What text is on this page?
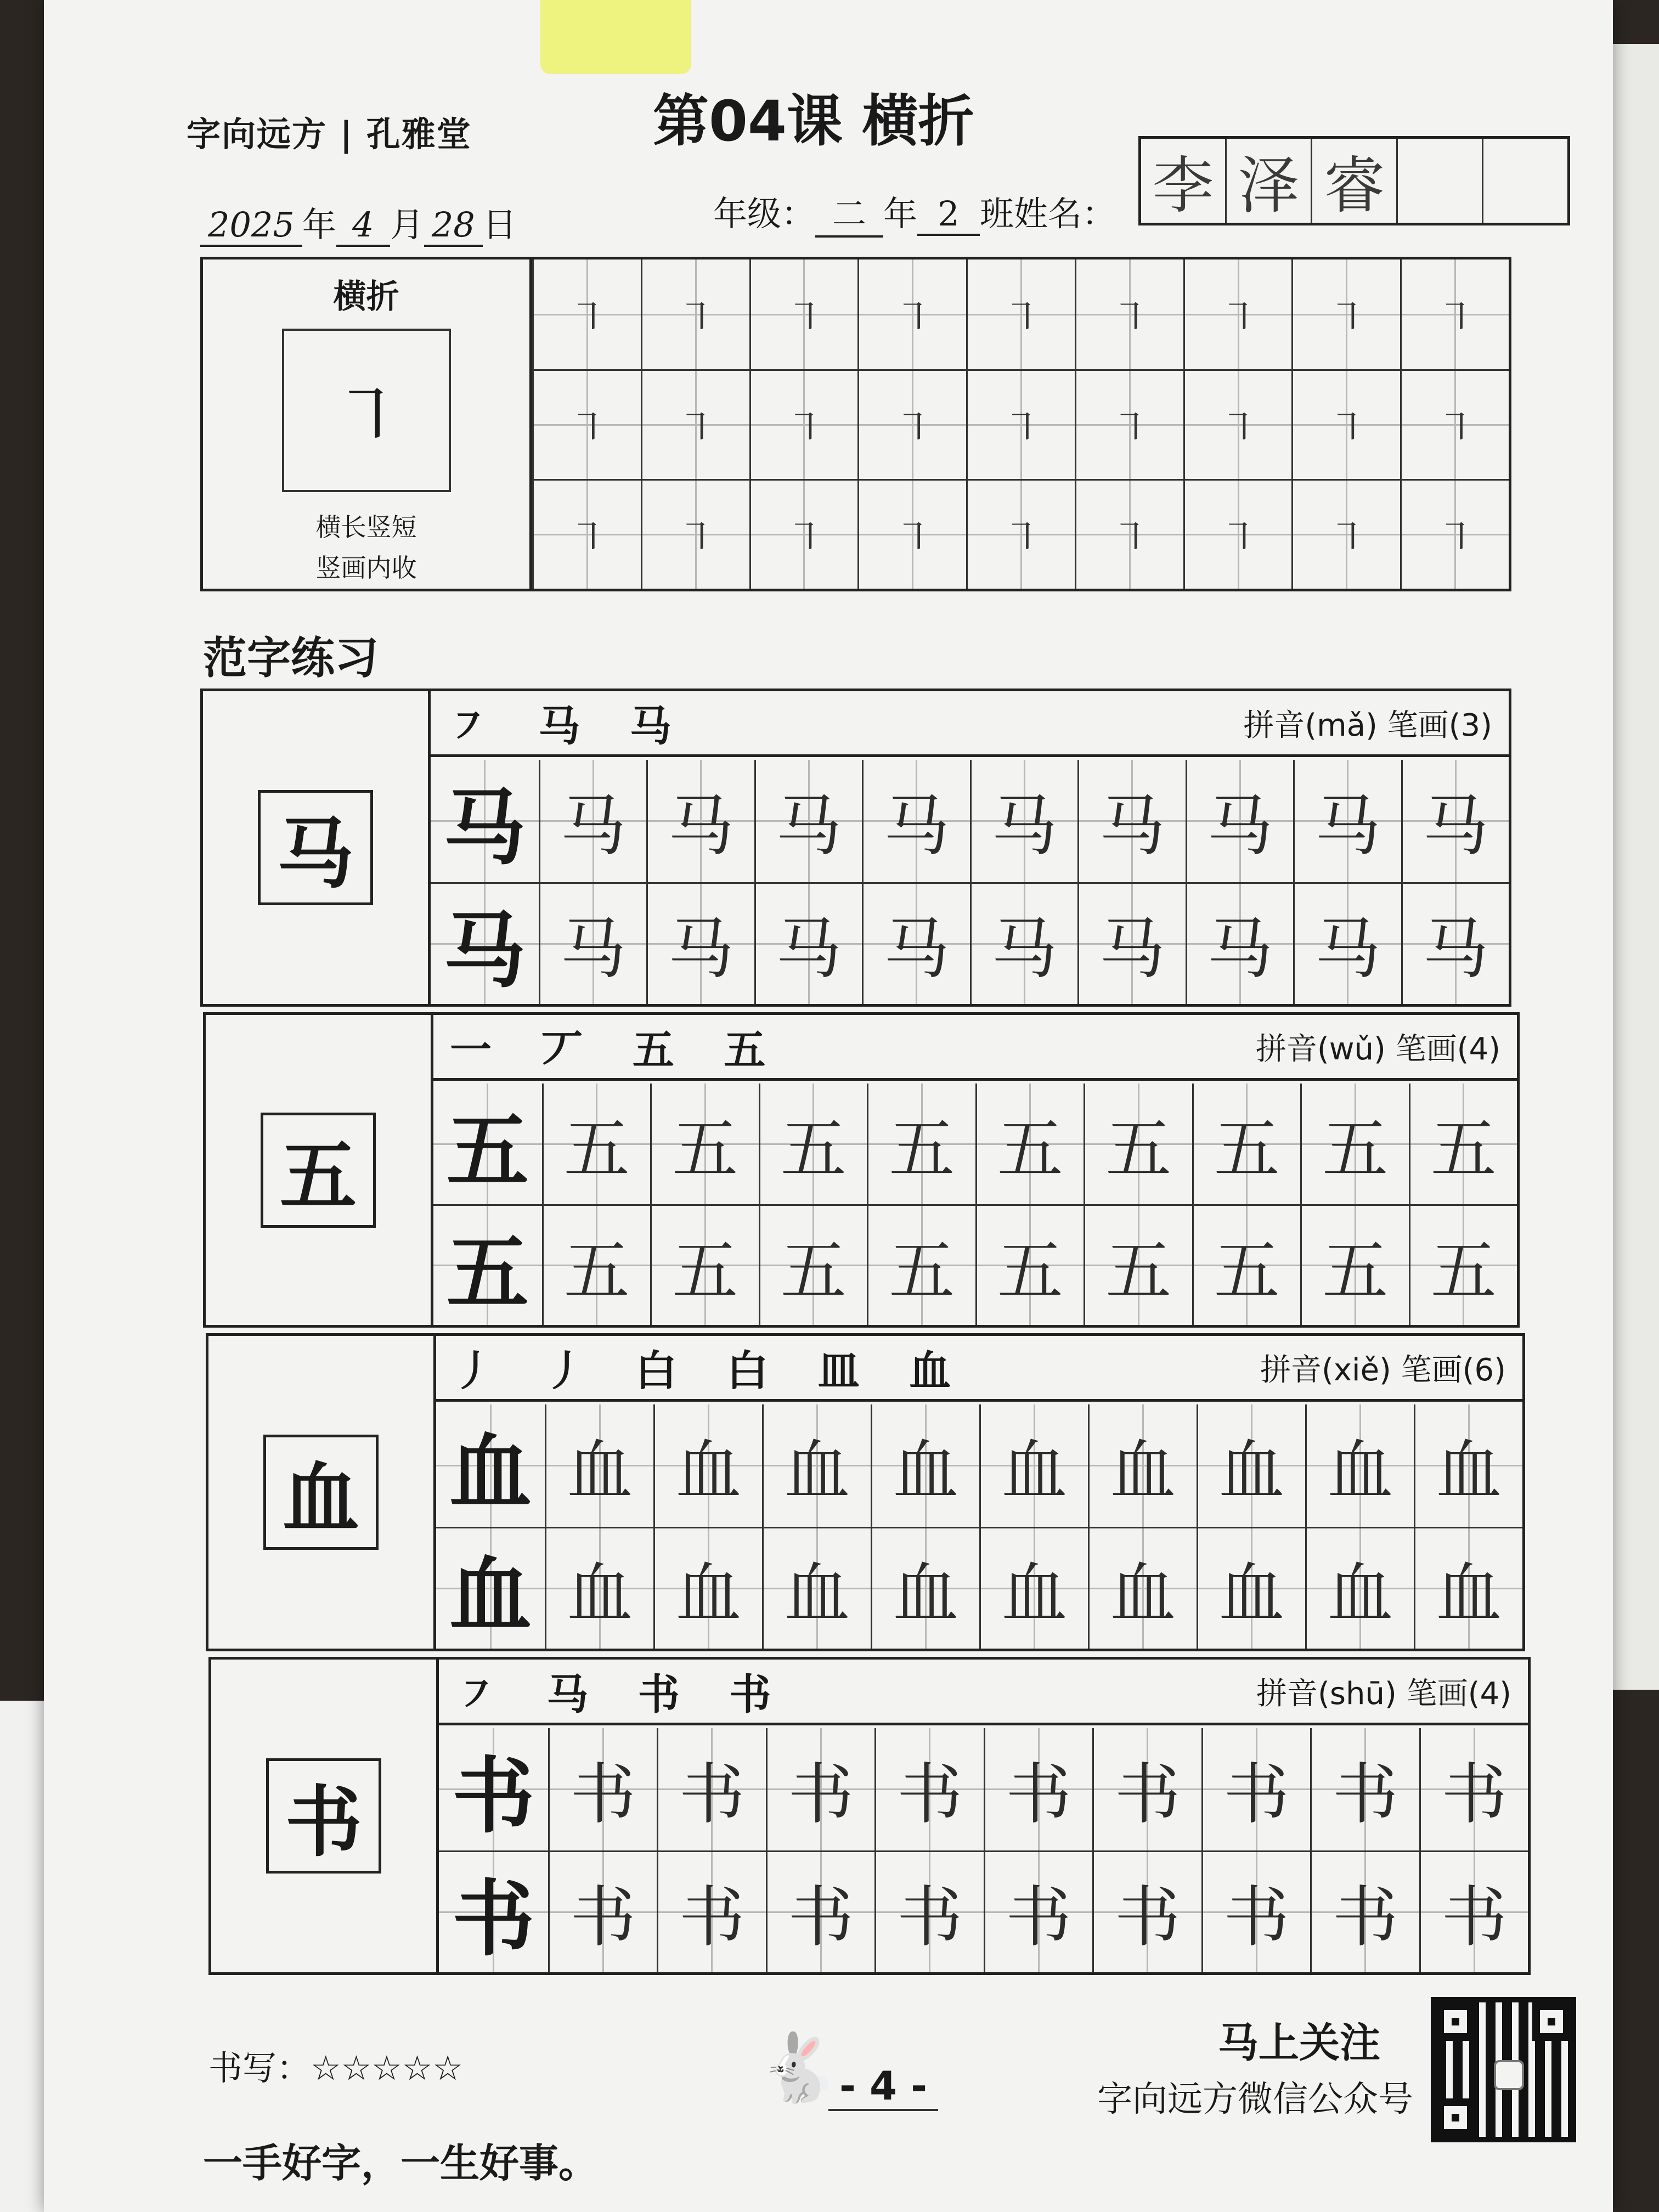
字向远方 | 孔雅堂	第04课 横折
2025 年 4 月 28 日	年级： 二 年 2 班姓名： 李 泽 睿
横折
㇕
横长竖短
竖画内收
㇕ ㇕ ㇕ ㇕ ㇕ ㇕ ㇕ ㇕ ㇕
㇕ ㇕ ㇕ ㇕ ㇕ ㇕ ㇕ ㇕ ㇕
㇕ ㇕ ㇕ ㇕ ㇕ ㇕ ㇕ ㇕ ㇕
范字练习
马
㇇ 马 马	拼音(mǎ) 笔画(3)
马 马 马 马 马 马 马 马 马 马
马 马 马 马 马 马 马 马 马 马
五
一 丆 五 五	拼音(wǔ) 笔画(4)
五 五 五 五 五 五 五 五 五 五
五 五 五 五 五 五 五 五 五 五
血
丿 丿 白 白 皿 血	拼音(xiě) 笔画(6)
血 血 血 血 血 血 血 血 血 血
血 血 血 血 血 血 血 血 血 血
书
㇇ 马 书 书	拼音(shū) 笔画(4)
书 书 书 书 书 书 书 书 书 书
书 书 书 书 书 书 书 书 书 书
书写：☆☆☆☆☆
一手好字，一生好事。
🐇 - 4 -
马上关注
字向远方微信公众号
